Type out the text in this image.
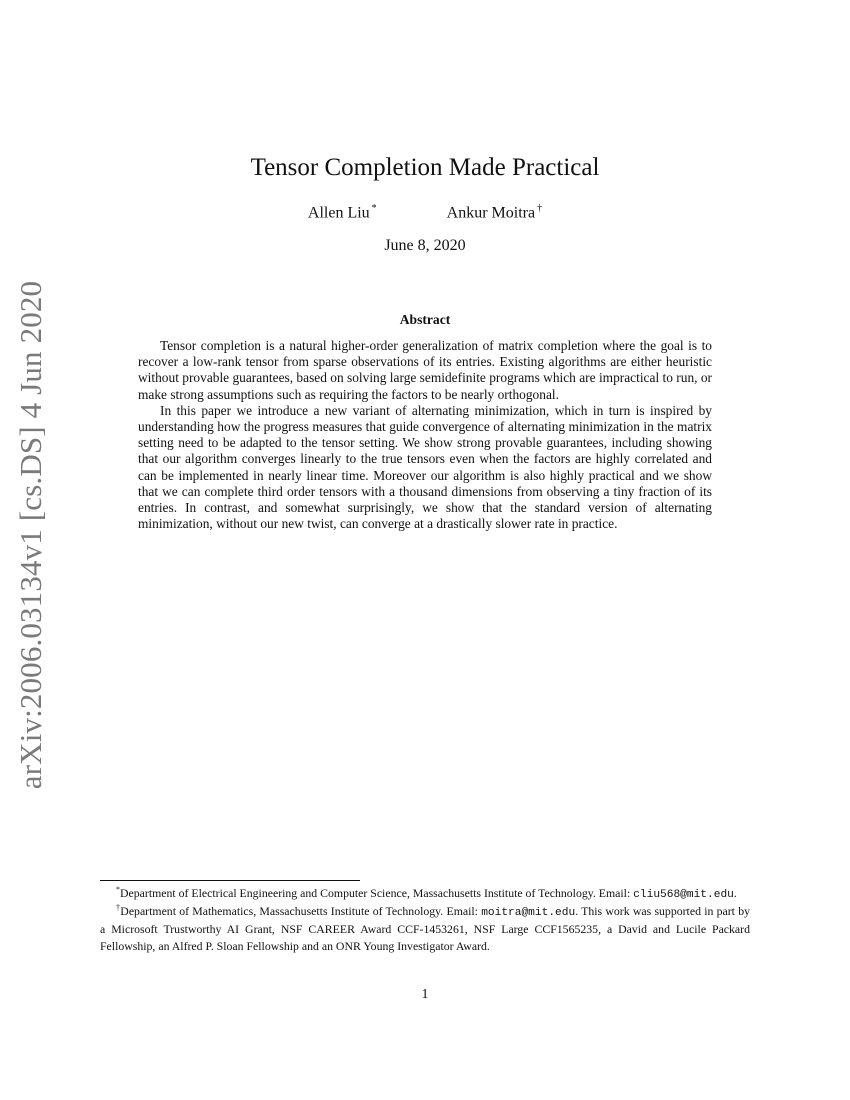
arXiv:2006.03134v1 [cs.DS] 4 Jun 2020
Tensor Completion Made Practical
Allen Liu *	Ankur Moitra †
June 8, 2020
Abstract

Tensor completion is a natural higher-order generalization of matrix completion where the goal is to recover a low-rank tensor from sparse observations of its entries. Existing algorithms are either heuristic without provable guarantees, based on solving large semidefinite programs which are impractical to run, or make strong assumptions such as requiring the factors to be nearly orthogonal.

In this paper we introduce a new variant of alternating minimization, which in turn is inspired by understanding how the progress measures that guide convergence of alternating minimization in the matrix setting need to be adapted to the tensor setting. We show strong provable guarantees, including showing that our algorithm converges linearly to the true tensors even when the factors are highly correlated and can be implemented in nearly linear time. Moreover our algorithm is also highly practical and we show that we can complete third order tensors with a thousand dimensions from observing a tiny fraction of its entries. In contrast, and somewhat surprisingly, we show that the standard version of alternating minimization, without our new twist, can converge at a drastically slower rate in practice.

*Department of Electrical Engineering and Computer Science, Massachusetts Institute of Technology. Email: cliu568@mit.edu.

†Department of Mathematics, Massachusetts Institute of Technology. Email: moitra@mit.edu. This work was supported in part by a Microsoft Trustworthy AI Grant, NSF CAREER Award CCF-1453261, NSF Large CCF1565235, a David and Lucile Packard Fellowship, an Alfred P. Sloan Fellowship and an ONR Young Investigator Award.

1
